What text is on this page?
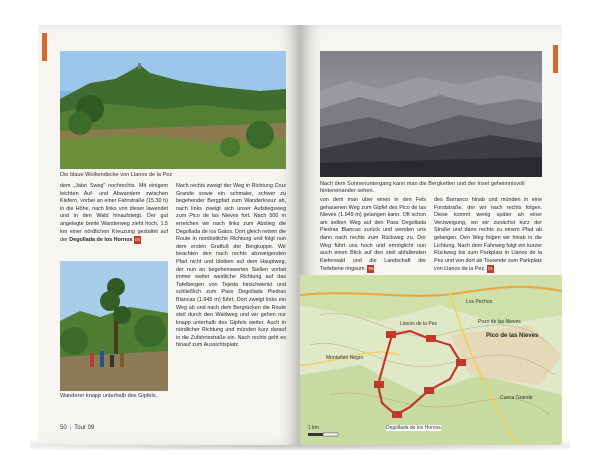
Die blaue Wolkendecke von Llanos de la Pez
dem „Jabo Sweg" nochrechts. Mit einigem leichten Auf- und Abwandern zwischen Kiefern, vorbei an einer Fahrstraße (15.30 h) in die Höhe, nach links von dieser lawendet und in den Wald hinaufsteigt. Der gut angelegte breite Wanderweg zieht hoch, 1,5 km einer nördlichen Kreuzung gestaltet auf der Degollada de los Hornos 04
Wanderer knapp unterhalb des Gipfels.
Nach rechts zweigt der Weg in Richtung Cruz Grande sowie ein schmaler, schwer zu begehender Bergpfad zum Wanderkreuz ab, nach links zweigt sich unser Aufstiegsweg zum Pico de las Nieves fort. Nach 500 m erreichen wir nach links zum Abstieg die Degollada de los Gatos. Dort gleich neben die Route in nordöstliche Richtung und folgt nun dem ersten Gratfuß der Bergkuppe. Wir beachten den nach rechts abzweigenden Pfad nicht und bleiben auf dem Hauptweg, der nun an begehenswerten Stellen vorbei immer weiter westliche Richtung auf das Tafelbergen von Tejeda hinschwenkt und schließlich zum Pass Degollada Piedras Blancas (1.945 m) führt. Dort zweigt links ein Weg ab und nach dem Bergrücken die Route steil durch den Waldweg und wir gehen nur knapp unterhalb des Gipfels weiter. Auch in nördlicher Richtung und münden kurz darauf in die Zufahrtsstraße ein. Nach rechts geht es hinauf zum Aussichtsplatz.
50 | Tour 09
Nach dem Sonnenuntergang kann man die Bergketten und der Insel geheimnisvoll hintereinander sehen.
von dem man über einen in den Fels gehauenen Weg zum Gipfel des Pico de las Nieves (1.949 m) gelangen kann. Oft schon am selben Weg auf den Pass Degollada Piedras Blancas zurück und wenden uns dann nach rechts zum Rückweg zu. Der Weg führt uns hoch und ermöglicht nun auch einen Blick auf den steil abfallenden Kieferwald und die Landschaft der Tiefebene ringsum. 06
des Barranco hinab und münden in eine Forststraße, der wir nach rechts folgen. Diese kommt wenig später an einer Verzweigung, wo wir zunächst kurz der Straße und dann rechts zu einem Pfad ab gelangen. Den Weg folgen wir hinab in die Lichtung. Nach dem Fahrweg folgt ein kurzer Rückweg bis zum Parkplatz in Llanos de la Pez und von dort ab Tourende zum Parkplatz von Llanos de la Pez. 01
Pico de las Nieves
Los Pechos
Llanos de la Pez
Montañón Negro
Cueva Grande
Pozo de las Nieves
Degollada de los Hornos
1 km
